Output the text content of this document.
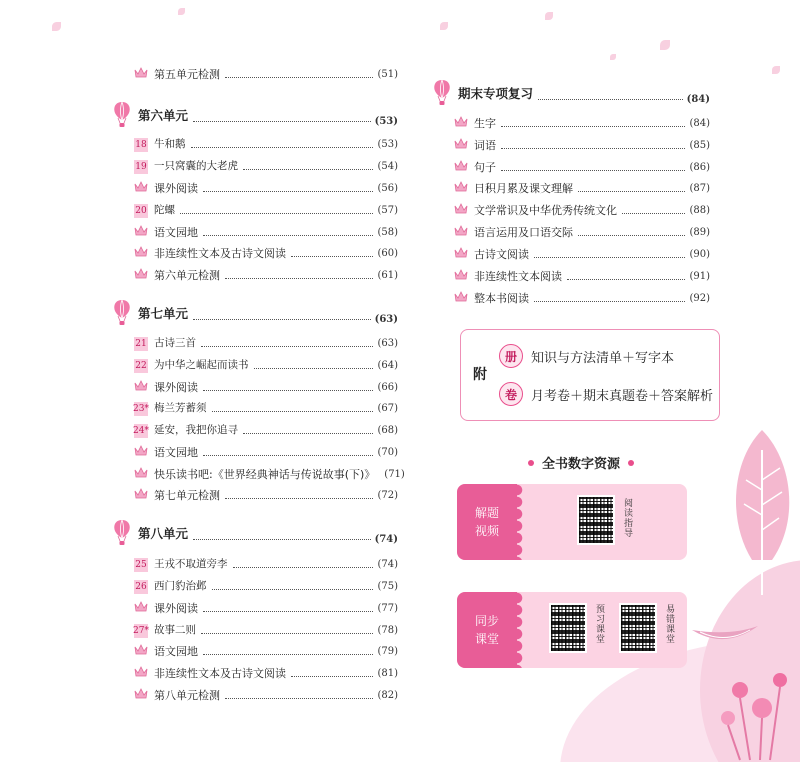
第五单元检测	(51)
第六单元	(53)
18 牛和鹅	(53)
19 一只窝囊的大老虎	(54)
课外阅读	(56)
20 陀螺	(57)
语文园地	(58)
非连续性文本及古诗文阅读	(60)
第六单元检测	(61)
第七单元	(63)
21 古诗三首	(63)
22 为中华之崛起而读书	(64)
课外阅读	(66)
23* 梅兰芳蓄须	(67)
24* 延安，我把你追寻	(68)
语文园地	(70)
快乐读书吧:《世界经典神话与传说故事(下)》 (71)
第七单元检测	(72)
第八单元	(74)
25 王戎不取道旁李	(74)
26 西门豹治邺	(75)
课外阅读	(77)
27* 故事二则	(78)
语文园地	(79)
非连续性文本及古诗文阅读	(81)
第八单元检测	(82)
期末专项复习	(84)
生字	(84)
词语	(85)
句子	(86)
日积月累及课文理解	(87)
文学常识及中华优秀传统文化	(88)
语言运用及口语交际	(89)
古诗文阅读	(90)
非连续性文本阅读	(91)
整本书阅读	(92)
附
册	知识与方法清单＋写字本
卷	月考卷＋期末真题卷＋答案解析
全书数字资源
解题
视频	阅读指导
同步
课堂	预习课堂	易错课堂
